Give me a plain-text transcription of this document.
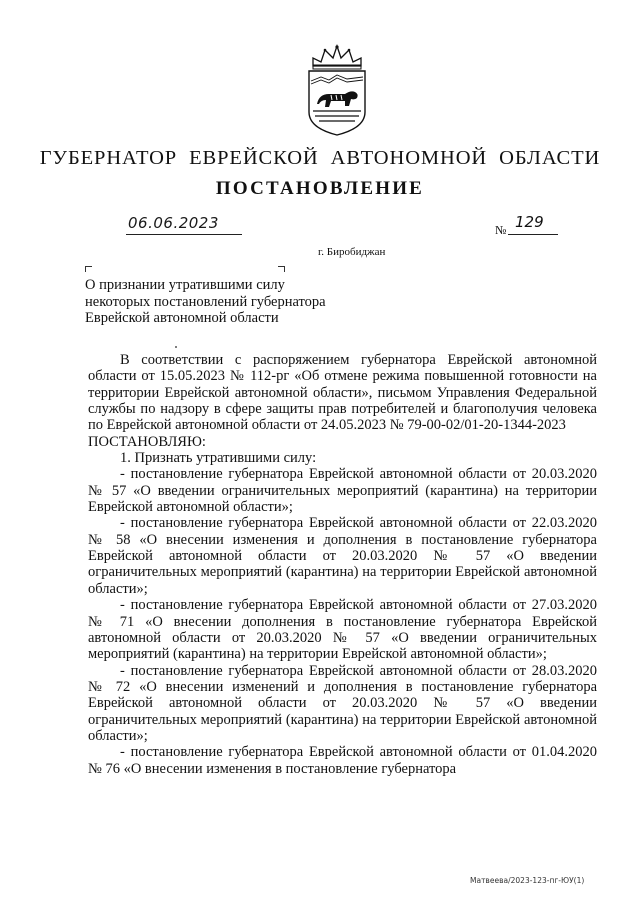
ГУБЕРНАТОР ЕВРЕЙСКОЙ АВТОНОМНОЙ ОБЛАСТИ
ПОСТАНОВЛЕНИЕ
06.06.2023	№ 129
г. Биробиджан
О признании утратившими силу
некоторых постановлений губернатора
Еврейской автономной области

В соответствии с распоряжением губернатора Еврейской автономной области от 15.05.2023 № 112-рг «Об отмене режима повышенной готовности на территории Еврейской автономной области», письмом Управления Федеральной службы по надзору в сфере защиты прав потребителей и благополучия человека по Еврейской автономной области от 24.05.2023 № 79-00-02/01-20-1344-2023

ПОСТАНОВЛЯЮ:

1. Признать утратившими силу:

- постановление губернатора Еврейской автономной области от 20.03.2020 № 57 «О введении ограничительных мероприятий (карантина) на территории Еврейской автономной области»;

- постановление губернатора Еврейской автономной области от 22.03.2020 № 58 «О внесении изменения и дополнения в постановление губернатора Еврейской автономной области от 20.03.2020 № 57 «О введении ограничительных мероприятий (карантина) на территории Еврейской автономной области»;

- постановление губернатора Еврейской автономной области от 27.03.2020 № 71 «О внесении дополнения в постановление губернатора Еврейской автономной области от 20.03.2020 № 57 «О введении ограничительных мероприятий (карантина) на территории Еврейской автономной области»;

- постановление губернатора Еврейской автономной области от 28.03.2020 № 72 «О внесении изменений и дополнения в постановление губернатора Еврейской автономной области от 20.03.2020 № 57 «О введении ограничительных мероприятий (карантина) на территории Еврейской автономной области»;

- постановление губернатора Еврейской автономной области от 01.04.2020 № 76 «О внесении изменения в постановление губернатора

Матвеева/2023-123-пг-ЮУ(1)
